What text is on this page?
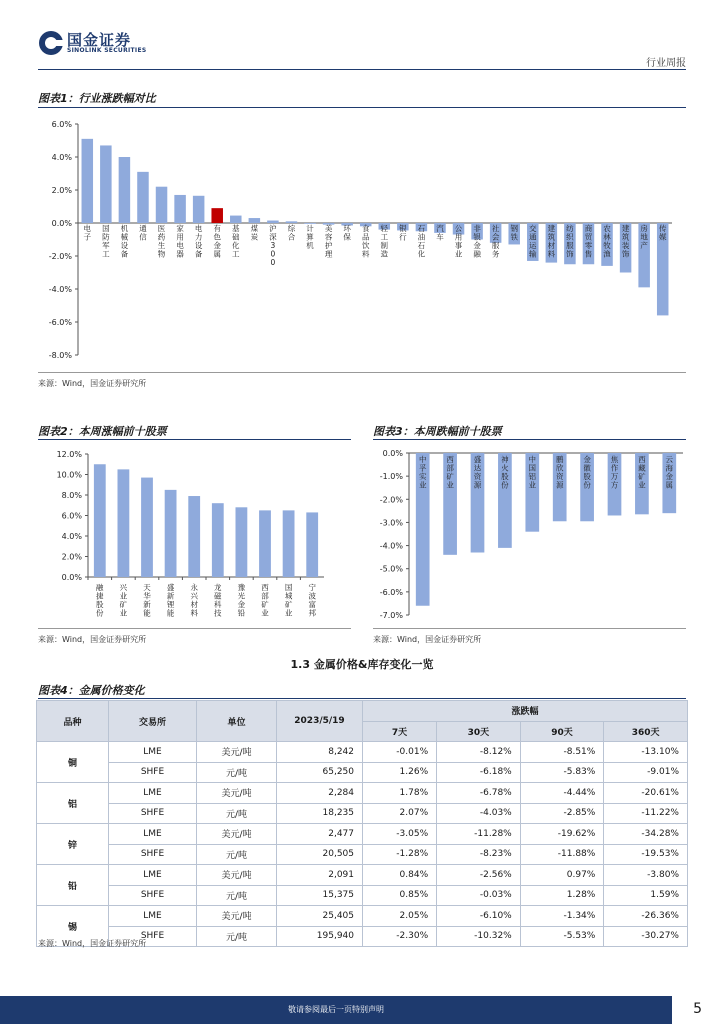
国金证券
SINOLINK SECURITIES
行业周报
图表1：行业涨跌幅对比
6.0%
4.0%
2.0%
0.0%
-2.0%
-4.0%
-6.0%
-8.0%
电子
国防军工
机械设备
通信
医药生物
家用电器
电力设备
有色金属
基础化工
煤炭
沪深 3 0 0
综合
计算机
美容护理
环保
食品饮料
轻工制造
银行
石油石化
汽车
公用事业
非银金融
社会服务
钢铁
交通运输
建筑材料
纺织服饰
商贸零售
农林牧渔
建筑装饰
房地产
传媒
来源：Wind，国金证券研究所
图表2：本周涨幅前十股票
12.0%
10.0%
8.0%
6.0%
4.0%
2.0%
0.0%
融捷股份
兴业矿业
天华新能
盛新锂能
永兴材料
龙磁科技
豫光金铅
西部矿业
国城矿业
宁波富邦
来源：Wind，国金证券研究所
图表3：本周跌幅前十股票
0.0%
-1.0%
-2.0%
-3.0%
-4.0%
-5.0%
-6.0%
-7.0%
中孚实业
西部矿业
盛达资源
神火股份
中国铝业
鹏欣资源
金徽股份
焦作万方
西藏矿业
云海金属
来源：Wind，国金证券研究所
1.3 金属价格&库存变化一览
图表4：金属价格变化
品种	交易所	单位	2023/5/19	涨跌幅			
				7天	30天	90天	360天
铜	LME	美元/吨	8,242	-0.01%	-8.12%	-8.51%	-13.10%
	SHFE	元/吨	65,250	1.26%	-6.18%	-5.83%	-9.01%
铝	LME	美元/吨	2,284	1.78%	-6.78%	-4.44%	-20.61%
	SHFE	元/吨	18,235	2.07%	-4.03%	-2.85%	-11.22%
锌	LME	美元/吨	2,477	-3.05%	-11.28%	-19.62%	-34.28%
	SHFE	元/吨	20,505	-1.28%	-8.23%	-11.88%	-19.53%
铅	LME	美元/吨	2,091	0.84%	-2.56%	0.97%	-3.80%
	SHFE	元/吨	15,375	0.85%	-0.03%	1.28%	1.59%
锡	LME	美元/吨	25,405	2.05%	-6.10%	-1.34%	-26.36%
	SHFE	元/吨	195,940	-2.30%	-10.32%	-5.53%	-30.27%
来源：Wind，国金证券研究所
敬请参阅最后一页特别声明	5
